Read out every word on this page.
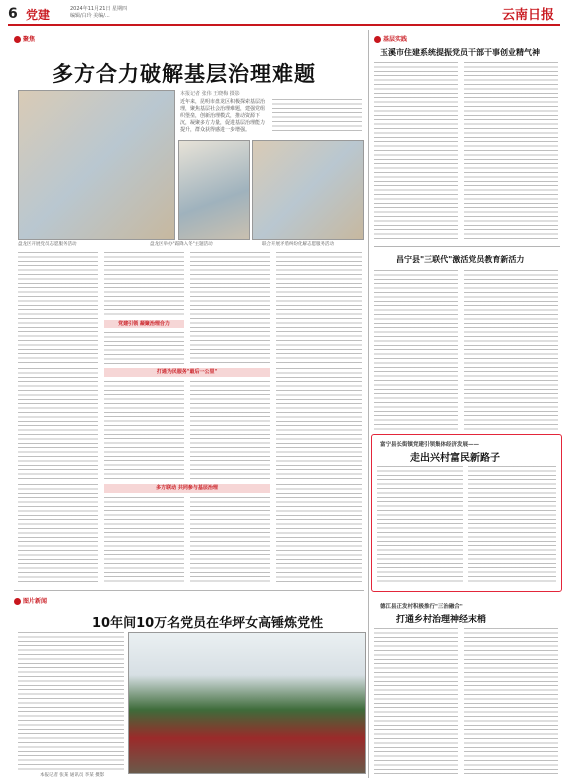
6 党建	2024年11月21日 星期四
编辑/白玲 美编/...	云南日报
聚焦
多方合力破解基层治理难题
本报记者 张伟 王晓梅 摄影
近年来，昆明市盘龙区积极探索基层治理，聚焦基层社会治理难题，建强党组织堡垒，创新治理模式，推动资源下沉，凝聚多方力量，促进基层治理能力提升，群众获得感进一步增强。
盘龙区开展党员志愿服务活动	盘龙区举办"霜降入冬"主题活动	联合开展矛盾纠纷化解志愿服务活动
党建引领 凝聚治理合力
打通为民服务"最后一公里"
多方联动 共同参与基层治理
图片新闻
10年间10万名党员在华坪女高锤炼党性
本报记者 张某 通讯员 李某 摄影
基层实践
玉溪市住建系统提振党员干部干事创业精气神
昌宁县"三联代"激活党员教育新活力
富宁县长街镇党建引领集体经济发展——
走出兴村富民新路子
德江县正发村积极推行"三治融合"
打通乡村治理神经末梢
